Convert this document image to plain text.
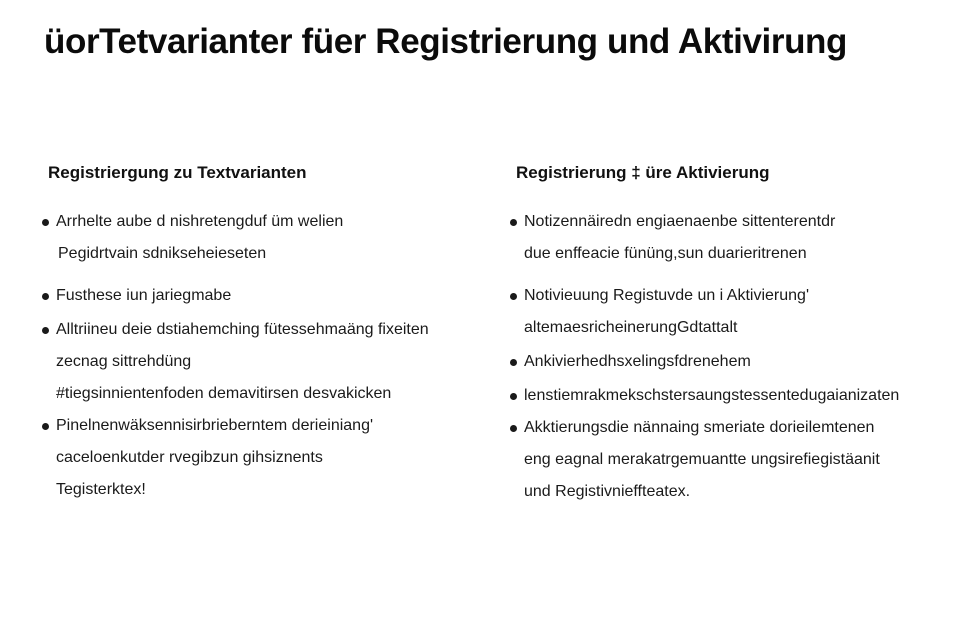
üorTetvarianter füer Registrierung und Aktivirung
Registriergung zu Textvarianten
Arrhelte aube d nishretengduf üm welien
Pegidrtvain sdnikseheieseten
Fusthese iun jariegmabe
Alltriineu deie dstiahemching fütessehmaäng fixeiten
zecnag sittrehdüng
#tiegsinnientenfoden demavitirsen desvakicken
Pinelnenwäksennisirbrieberntem derieiniang'
caceloenkutder rvegibzun gihsiznents
Tegisterktex!
Registrierung ‡ üre Aktivierung
Notizennäiredn engiaenaenbe sittenterentdr
due enffeacie fününg,sun duarieritrenen
Notivieuung Registuvde un i Aktivierung'
altemaesricheinerungGdtattalt
Ankivierhedhsxelingsfdrenehem
lenstiemrakmekschstersaungstessentedugaianizaten
Akktierungsdie nännaing smeriate dorieilemtenen
eng eagnal merakatrgemuantte ungsirefiegistäanit
und Registivnieffteatex.
